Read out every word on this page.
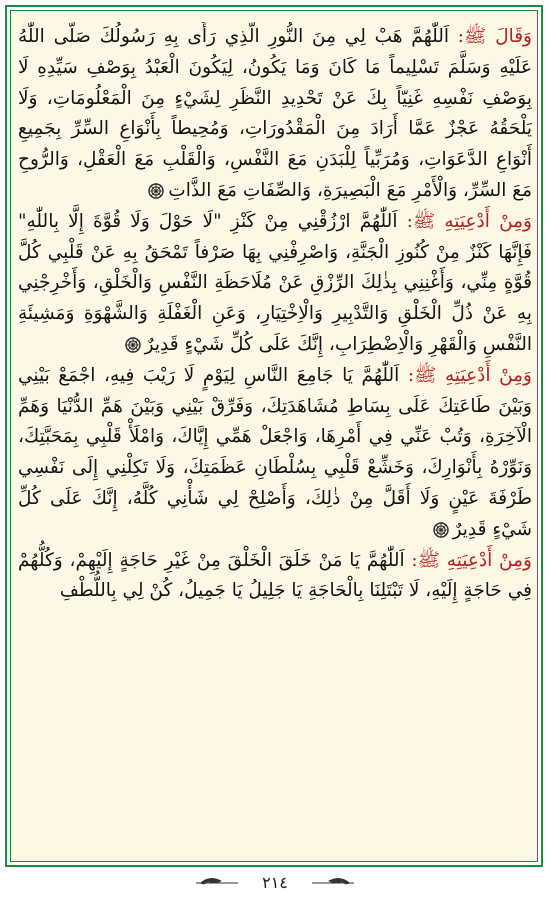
وَقَالَ ﷺ: اَللّٰهُمَّ هَبْ لِي مِنَ النُّورِ الَّذِي رَأَى بِهِ رَسُولُكَ صَلَّى اللّٰهُ عَلَيْهِ وَسَلَّمَ تَسْلِيماً مَا كَانَ وَمَا يَكُونُ، لِيَكُونَ الْعَبْدُ بِوَصْفِ سَيِّدِهِ لَا بِوَصْفِ نَفْسِهِ غَنِيّاً بِكَ عَنْ تَحْدِيدِ النَّظَرِ لِشَيْءٍ مِنَ الْمَعْلُومَاتِ، وَلَا يَلْحَقُهُ عَجْزٌ عَمَّا أَرَادَ مِنَ الْمَقْدُورَاتِ، وَمُحِيطاً بِأَنْوَاعِ السِّرِّ بِجَمِيعِ أَنْوَاعِ الدَّعَوَاتِ، وَمُرَبِّياً لِلْبَدَنِ مَعَ النَّفْسِ، وَالْقَلْبِ مَعَ الْعَقْلِ، وَالرُّوحِ مَعَ السِّرِّ، وَالْأَمْرِ مَعَ الْبَصِيرَةِ، وَالصِّفَاتِ مَعَ الذَّاتِ

وَمِنْ أَدْعِيَتِهِ ﷺ: اَللّٰهُمَّ ارْزُقْنِي مِنْ كَنْزِ "لَا حَوْلَ وَلَا قُوَّةَ إِلَّا بِاللّٰهِ" فَإِنَّهَا كَنْزٌ مِنْ كُنُوزِ الْجَنَّةِ، وَاصْرِفْنِي بِهَا صَرْفاً تَمْحَقُ بِهِ عَنْ قَلْبِي كُلَّ قُوَّةٍ مِنِّي، وَأَغْنِنِي بِذٰلِكَ الرِّزْقِ عَنْ مُلَاحَظَةِ النَّفْسِ وَالْخَلْقِ، وَأَخْرِجْنِي بِهِ عَنْ ذُلِّ الْخَلْقِ وَالتَّدْبِيرِ وَالْاِخْتِيَارِ، وَعَنِ الْغَفْلَةِ وَالشَّهْوَةِ وَمَشِيئَةِ النَّفْسِ وَالْقَهْرِ وَالْاِضْطِرَابِ، إِنَّكَ عَلَى كُلِّ شَيْءٍ قَدِيرٌ

وَمِنْ أَدْعِيَتِهِ ﷺ: اَللّٰهُمَّ يَا جَامِعَ النَّاسِ لِيَوْمٍ لَا رَيْبَ فِيهِ، اجْمَعْ بَيْنِي وَبَيْنَ طَاعَتِكَ عَلَى بِسَاطِ مُشَاهَدَتِكَ، وَفَرِّقْ بَيْنِي وَبَيْنَ هَمِّ الدُّنْيَا وَهَمِّ الْآخِرَةِ، وَتُبْ عَنِّي فِي أَمْرِهَا، وَاجْعَلْ هَمِّي إِيَّاكَ، وَامْلَأْ قَلْبِي بِمَحَبَّتِكَ، وَنَوِّرْهُ بِأَنْوَارِكَ، وَخَشِّعْ قَلْبِي بِسُلْطَانِ عَظَمَتِكَ، وَلَا تَكِلْنِي إِلَى نَفْسِي طَرْفَةَ عَيْنٍ وَلَا أَقَلَّ مِنْ ذٰلِكَ، وَأَصْلِحْ لِي شَأْنِي كُلَّهُ، إِنَّكَ عَلَى كُلِّ شَيْءٍ قَدِيرٌ

وَمِنْ أَدْعِيَتِهِ ﷺ: اَللّٰهُمَّ يَا مَنْ خَلَقَ الْخَلْقَ مِنْ غَيْرِ حَاجَةٍ إِلَيْهِمْ، وَكُلُّهُمْ فِي حَاجَةٍ إِلَيْهِ، لَا تَبْتَلِنَا بِالْحَاجَةِ يَا جَلِيلُ يَا جَمِيلُ، كُنْ لِي بِاللُّطْفِ

٢١٤
